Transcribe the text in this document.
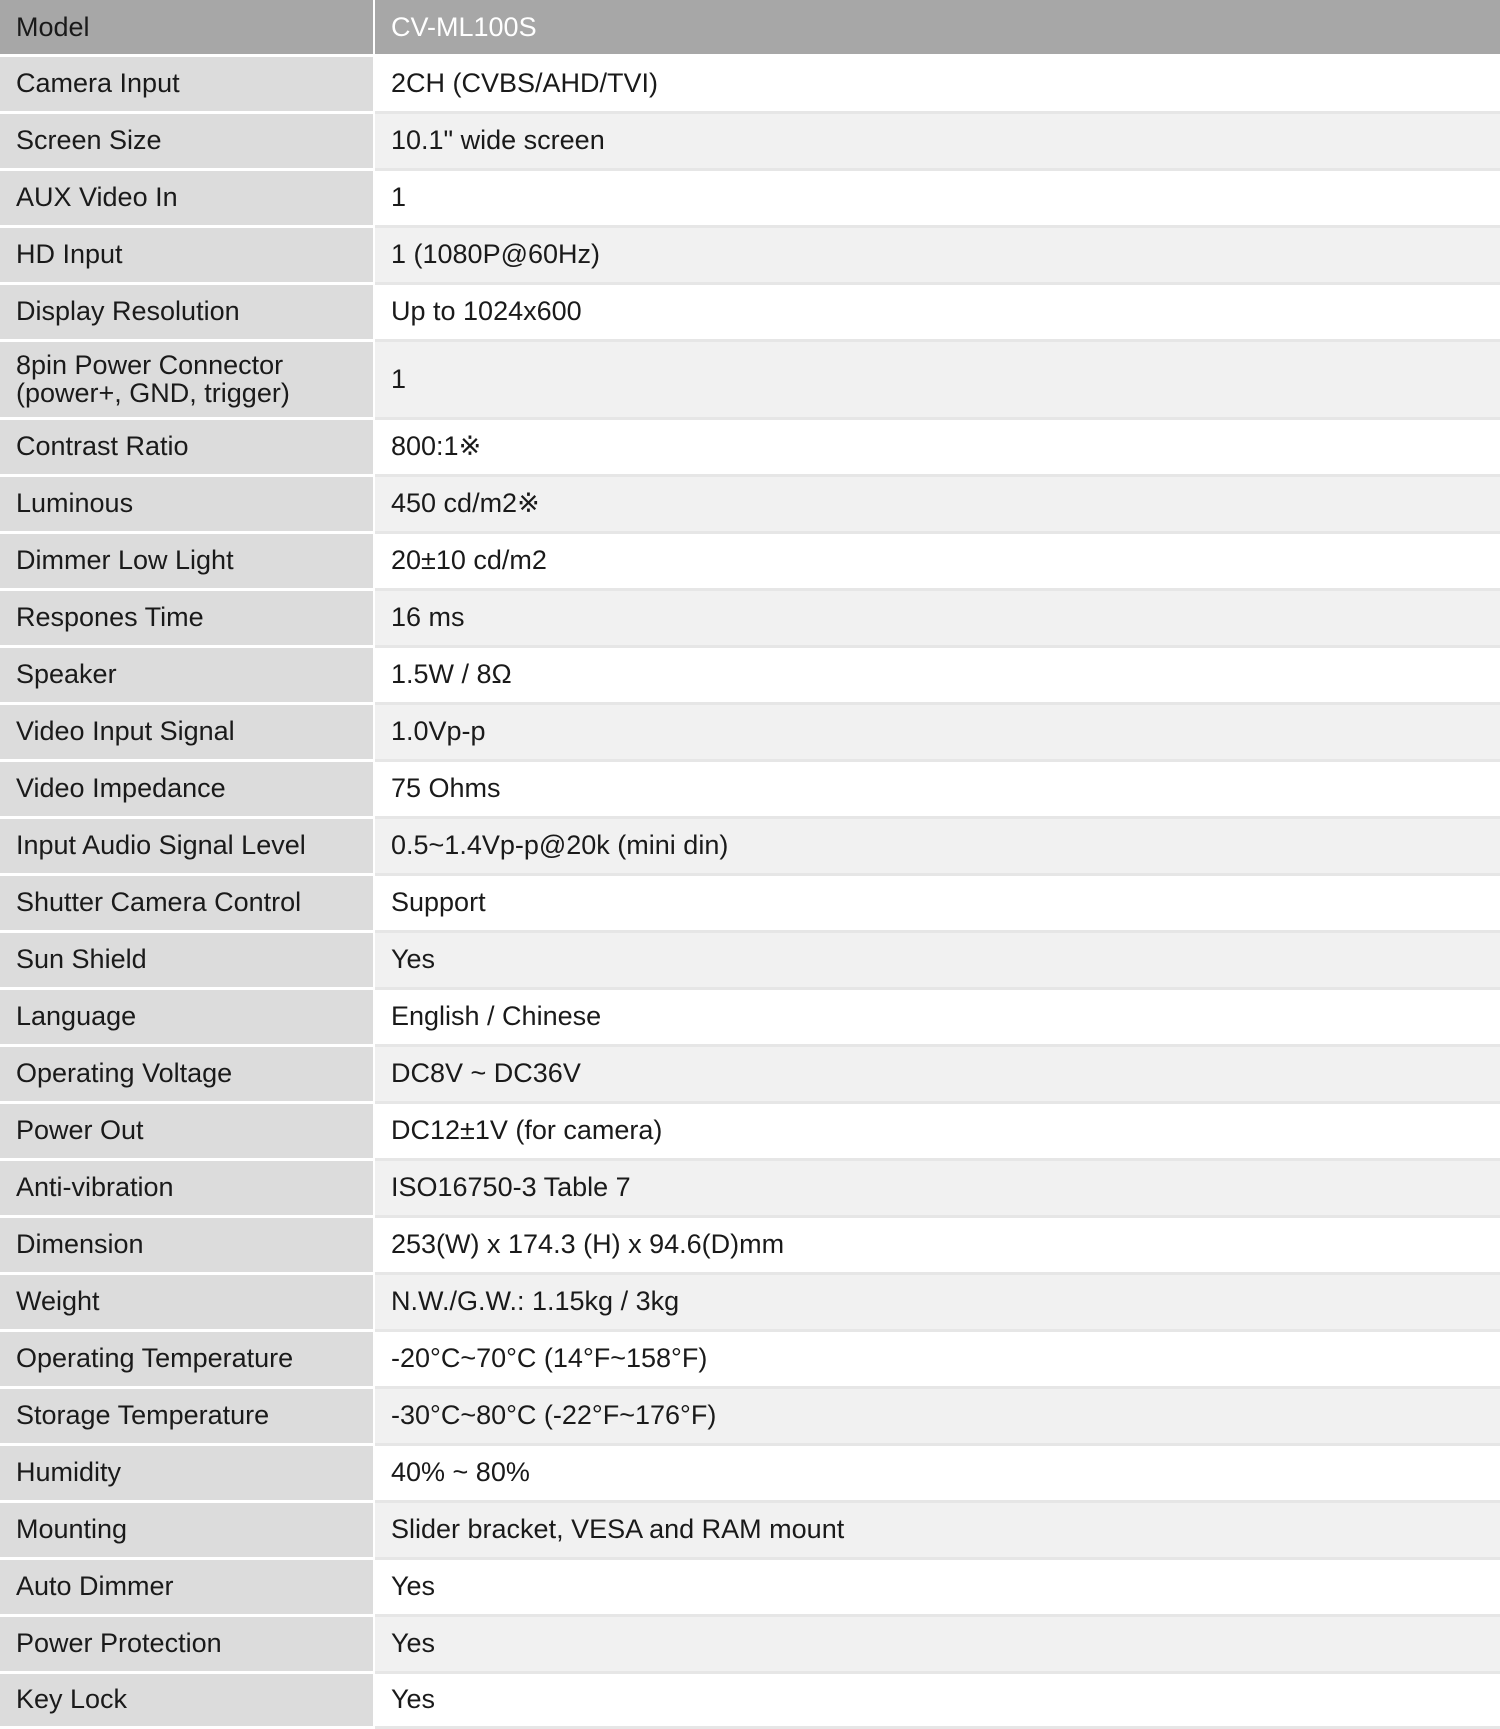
Model	CV-ML100S
Camera Input	2CH (CVBS/AHD/TVI)
Screen Size	10.1" wide screen
AUX Video In	1
HD Input	1 (1080P@60Hz)
Display Resolution	Up to 1024x600

8pin Power Connector
(power+, GND, trigger)	1
Contrast Ratio	800:1※
Luminous	450 cd/m2※
Dimmer Low Light	20±10 cd/m2
Respones Time	16 ms
Speaker	1.5W / 8Ω
Video Input Signal	1.0Vp-p
Video Impedance	75 Ohms
Input Audio Signal Level	0.5~1.4Vp-p@20k (mini din)
Shutter Camera Control	Support
Sun Shield	Yes
Language	English / Chinese
Operating Voltage	DC8V ~ DC36V
Power Out	DC12±1V (for camera)
Anti-vibration	ISO16750-3 Table 7
Dimension	253(W) x 174.3 (H) x 94.6(D)mm
Weight	N.W./G.W.: 1.15kg / 3kg
Operating Temperature	-20°C~70°C (14°F~158°F)
Storage Temperature	-30°C~80°C (-22°F~176°F)
Humidity	40% ~ 80%
Mounting	Slider bracket, VESA and RAM mount
Auto Dimmer	Yes
Power Protection	Yes
Key Lock	Yes
